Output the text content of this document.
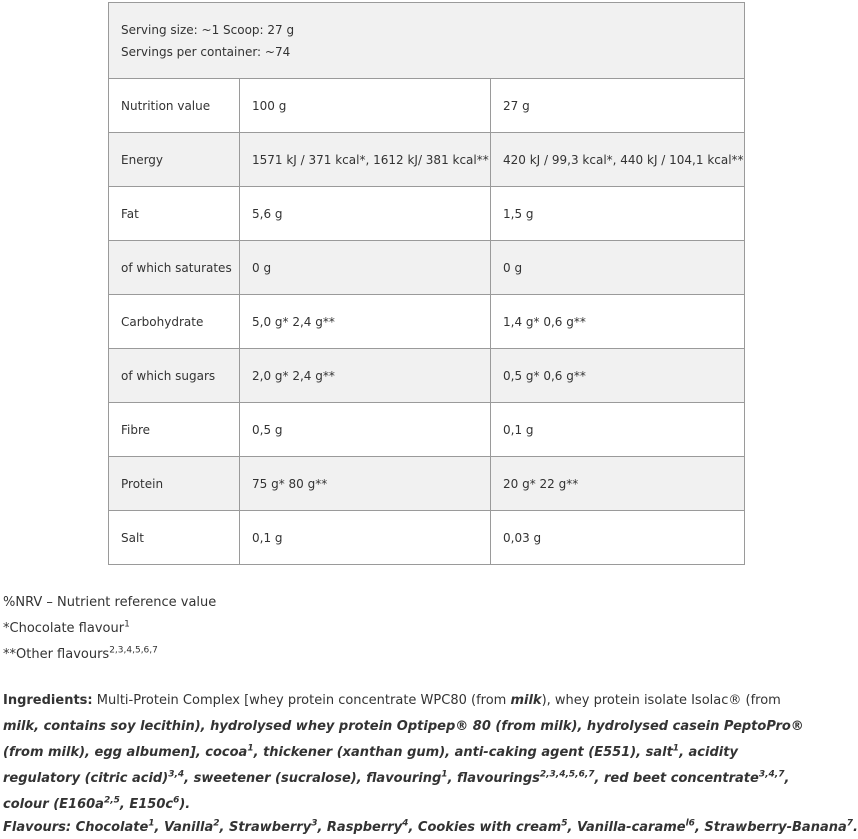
Serving size: ~1 Scoop: 27 g
Servings per container: ~74		

Nutrition value	100 g	27 g
Energy	1571 kJ / 371 kcal*, 1612 kJ/ 381 kcal**	420 kJ / 99,3 kcal*, 440 kJ / 104,1 kcal**
Fat	5,6 g	1,5 g
of which saturates	0 g	0 g
Carbohydrate	5,0 g* 2,4 g**	1,4 g* 0,6 g**
of which sugars	2,0 g* 2,4 g**	0,5 g* 0,6 g**
Fibre	0,5 g	0,1 g
Protein	75 g* 80 g**	20 g* 22 g**
Salt	0,1 g	0,03 g
%NRV – Nutrient reference value
*Chocolate flavour$^1$
**Other flavours$^{2,3,4,5,6,7}$
Ingredients: Multi-Protein Complex [whey protein concentrate WPC80 (from milk), whey protein isolate Isolac® (from milk, contains soy lecithin), hydrolysed whey protein Optipep® 80 (from milk), hydrolysed casein PeptoPro® (from milk), egg albumen], cocoa$^1$, thickener (xanthan gum), anti-caking agent (E551), salt$^1$, acidity regulatory (citric acid)$^{3,4}$, sweetener (sucralose), flavouring$^1$, flavourings$^{2,3,4,5,6,7}$, red beet concentrate$^{3,4,7}$, colour ($E160a^{2,5}$, $E150c^6$).
Flavours: Chocolate$^1$, Vanilla$^2$, Strawberry$^3$, Raspberry$^4$, Cookies with cream$^5$, Vanilla-carame$^{l6}$, Strawberry-Banana$^7$.
